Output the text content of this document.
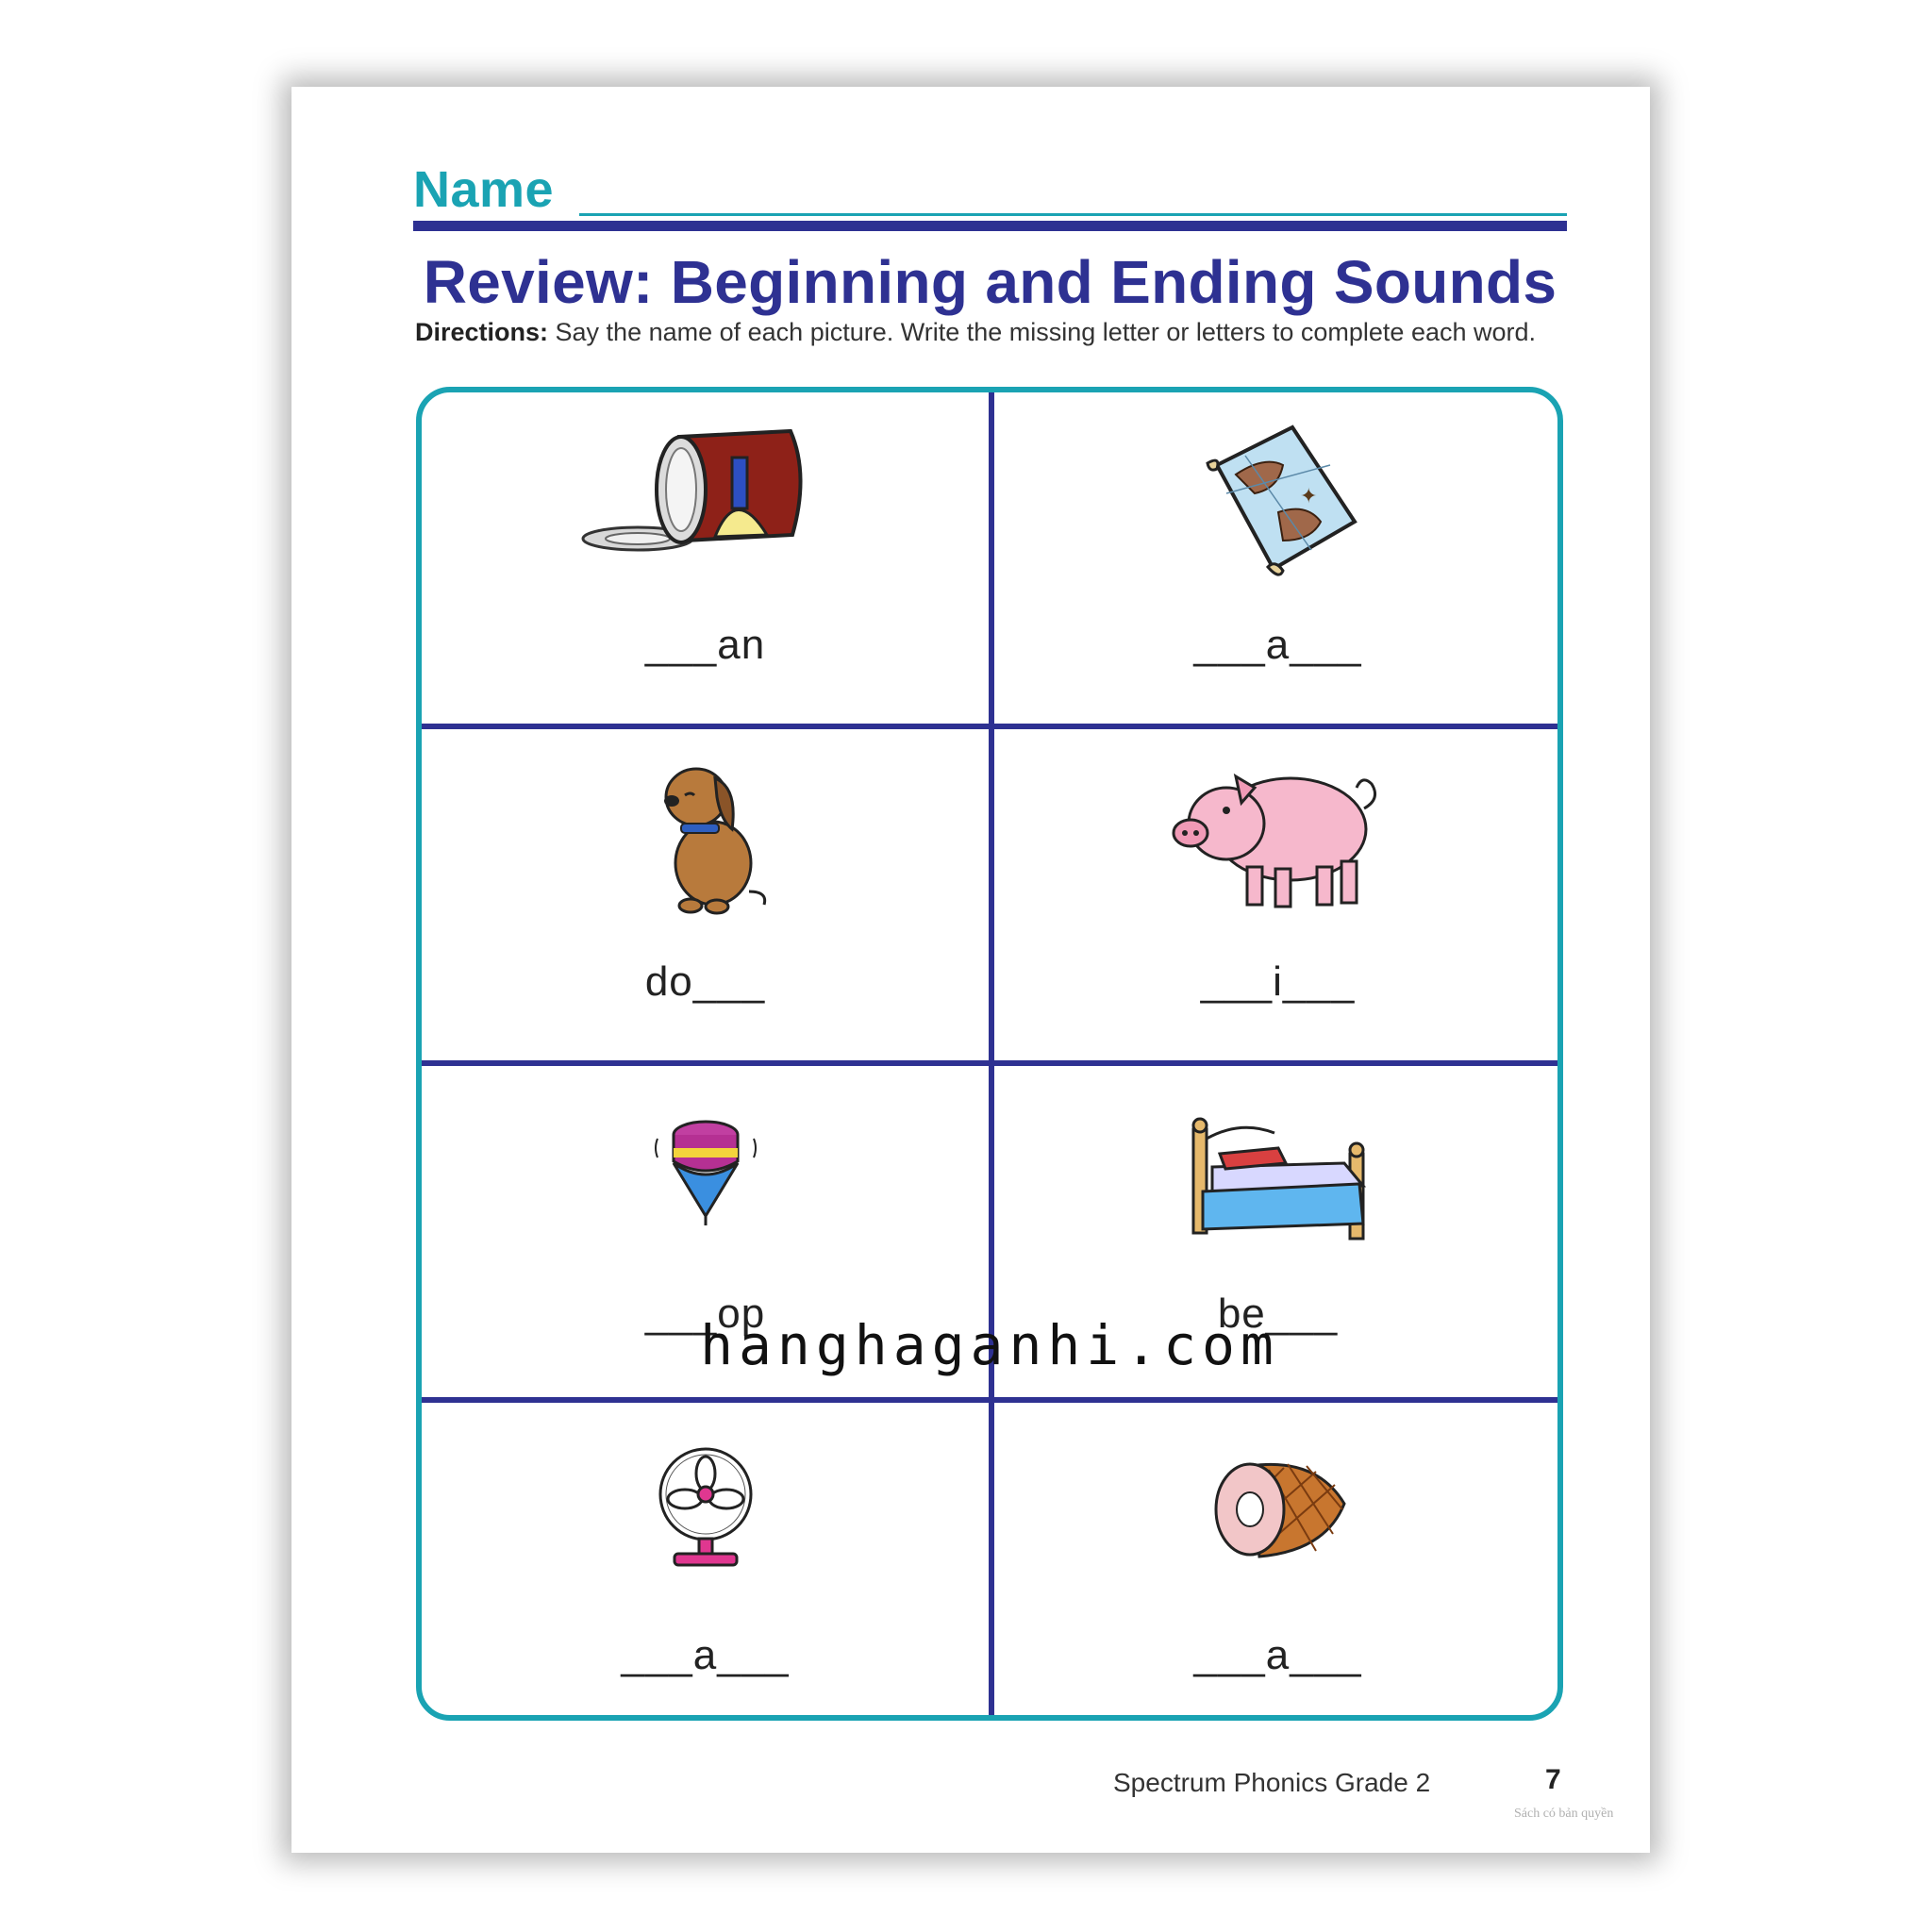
Name
Review: Beginning and Ending Sounds
Directions: Say the name of each picture. Write the missing letter or letters to complete each word.
___an
✦
___a___
do___	___i___
___op	be___
___a___	___a___
hanghaganhi.com
Spectrum Phonics Grade 2	7
Sách có bản quyền
